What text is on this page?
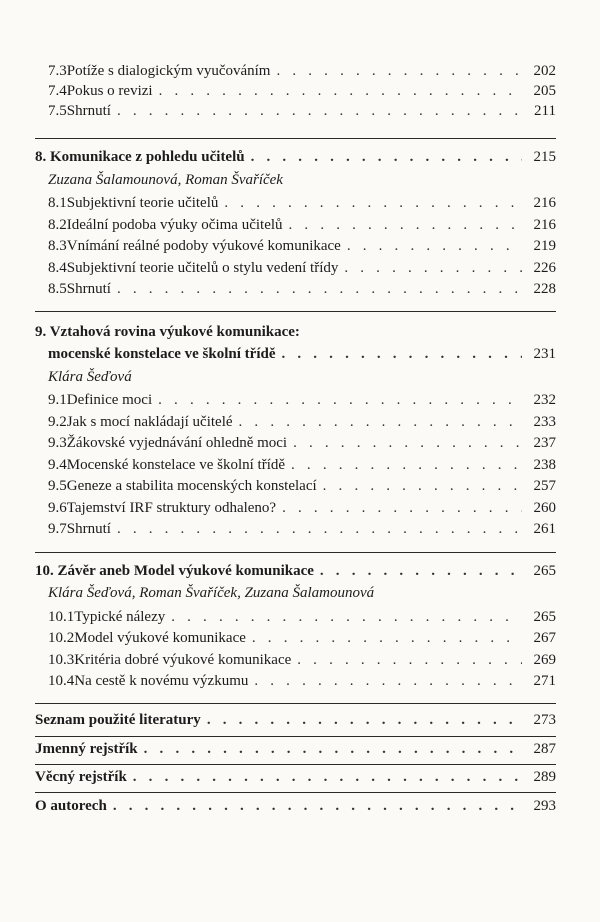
7.3 Potíže s dialogickým vyučováním . . .	202
7.4 Pokus o revizi . . .	205
7.5 Shrnutí . . .	211
8. Komunikace z pohledu učitelů . . .	215
Zuzana Šalamounová, Roman Švaříček
8.1 Subjektivní teorie učitelů . . .	216
8.2 Ideální podoba výuky očima učitelů . . .	216
8.3 Vnímání reálné podoby výukové komunikace . . .	219
8.4 Subjektivní teorie učitelů o stylu vedení třídy . . .	226
8.5 Shrnutí . . .	228
9. Vztahová rovina výukové komunikace:
mocenské konstelace ve školní třídě . . .	231
Klára Šeďová
9.1 Definice moci . . .	232
9.2 Jak s mocí nakládají učitelé . . .	233
9.3 Žákovské vyjednávání ohledně moci . . .	237
9.4 Mocenské konstelace ve školní třídě . . .	238
9.5 Geneze a stabilita mocenských konstelací . . .	257
9.6 Tajemství IRF struktury odhaleno? . . .	260
9.7 Shrnutí . . .	261
10. Závěr aneb Model výukové komunikace . . .	265
Klára Šeďová, Roman Švaříček, Zuzana Šalamounová
10.1 Typické nálezy . . .	265
10.2 Model výukové komunikace . . .	267
10.3 Kritéria dobré výukové komunikace . . .	269
10.4 Na cestě k novému výzkumu . . .	271
Seznam použité literatury . . .	273
Jmenný rejstřík . . .	287
Věcný rejstřík . . .	289
O autorech . . .	293
